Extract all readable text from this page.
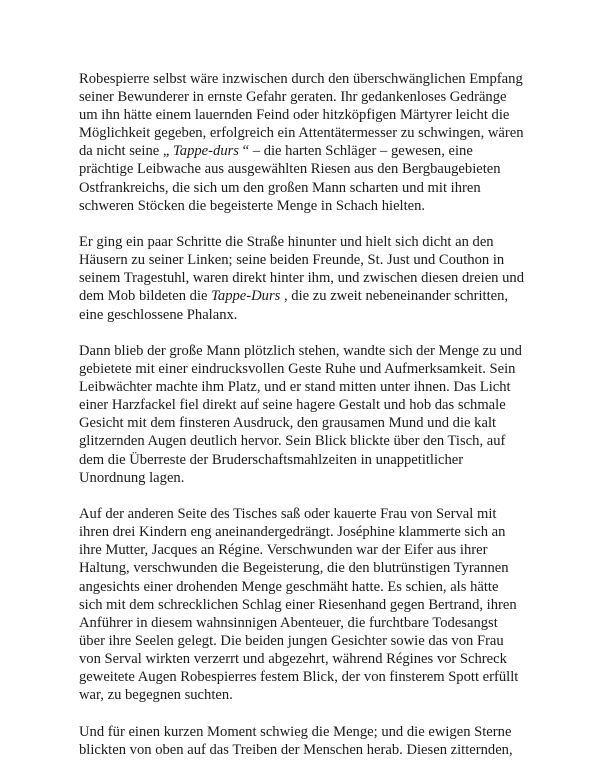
Robespierre selbst wäre inzwischen durch den überschwänglichen Empfang
seiner Bewunderer in ernste Gefahr geraten. Ihr gedankenloses Gedränge
um ihn hätte einem lauernden Feind oder hitzköpfigen Märtyrer leicht die
Möglichkeit gegeben, erfolgreich ein Attentätermesser zu schwingen, wären
da nicht seine „ Tappe-durs “ – die harten Schläger – gewesen, eine
prächtige Leibwache aus ausgewählten Riesen aus den Bergbaugebieten
Ostfrankreichs, die sich um den großen Mann scharten und mit ihren
schweren Stöcken die begeisterte Menge in Schach hielten.

Er ging ein paar Schritte die Straße hinunter und hielt sich dicht an den
Häusern zu seiner Linken; seine beiden Freunde, St. Just und Couthon in
seinem Tragestuhl, waren direkt hinter ihm, und zwischen diesen dreien und
dem Mob bildeten die Tappe-Durs , die zu zweit nebeneinander schritten,
eine geschlossene Phalanx.

Dann blieb der große Mann plötzlich stehen, wandte sich der Menge zu und
gebietete mit einer eindrucksvollen Geste Ruhe und Aufmerksamkeit. Sein
Leibwächter machte ihm Platz, und er stand mitten unter ihnen. Das Licht
einer Harzfackel fiel direkt auf seine hagere Gestalt und hob das schmale
Gesicht mit dem finsteren Ausdruck, den grausamen Mund und die kalt
glitzernden Augen deutlich hervor. Sein Blick blickte über den Tisch, auf
dem die Überreste der Bruderschaftsmahlzeiten in unappetitlicher
Unordnung lagen.

Auf der anderen Seite des Tisches saß oder kauerte Frau von Serval mit
ihren drei Kindern eng aneinandergedrängt. Joséphine klammerte sich an
ihre Mutter, Jacques an Régine. Verschwunden war der Eifer aus ihrer
Haltung, verschwunden die Begeisterung, die den blutrünstigen Tyrannen
angesichts einer drohenden Menge geschmäht hatte. Es schien, als hätte
sich mit dem schrecklichen Schlag einer Riesenhand gegen Bertrand, ihren
Anführer in diesem wahnsinnigen Abenteuer, die furchtbare Todesangst
über ihre Seelen gelegt. Die beiden jungen Gesichter sowie das von Frau
von Serval wirkten verzerrt und abgezehrt, während Régines vor Schreck
geweitete Augen Robespierres festem Blick, der von finsterem Spott erfüllt
war, zu begegnen suchten.

Und für einen kurzen Moment schwieg die Menge; und die ewigen Sterne
blickten von oben auf das Treiben der Menschen herab. Diesen zitternden,
